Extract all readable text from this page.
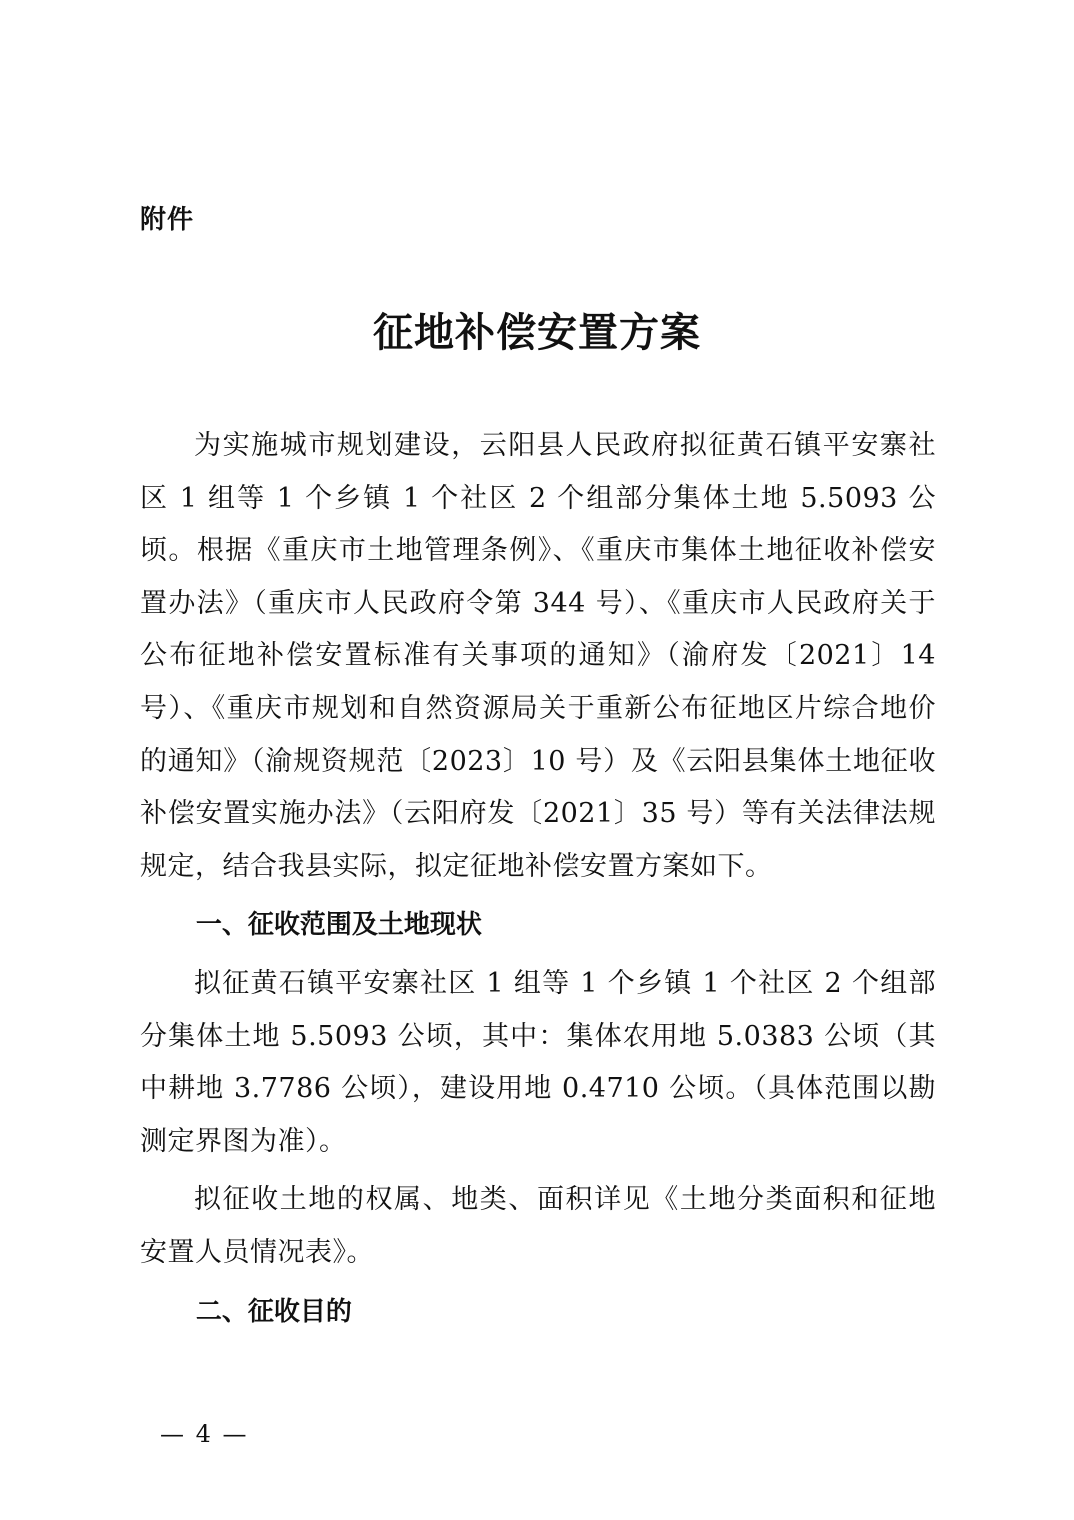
附件
征地补偿安置方案

为实施城市规划建设，云阳县人民政府拟征黄石镇平安寨社区 1 组等 1 个乡镇 1 个社区 2 个组部分集体土地 5.5093 公顷。根据《重庆市土地管理条例》、《重庆市集体土地征收补偿安置办法》（重庆市人民政府令第 344 号）、《重庆市人民政府关于公布征地补偿安置标准有关事项的通知》（渝府发〔2021〕14 号）、《重庆市规划和自然资源局关于重新公布征地区片综合地价的通知》（渝规资规范〔2023〕10 号）及《云阳县集体土地征收补偿安置实施办法》（云阳府发〔2021〕35 号）等有关法律法规规定，结合我县实际，拟定征地补偿安置方案如下。

一、征收范围及土地现状

拟征黄石镇平安寨社区 1 组等 1 个乡镇 1 个社区 2 个组部分集体土地 5.5093 公顷，其中：集体农用地 5.0383 公顷（其中耕地 3.7786 公顷），建设用地 0.4710 公顷。（具体范围以勘测定界图为准）。

拟征收土地的权属、地类、面积详见《土地分类面积和征地安置人员情况表》。

二、征收目的

— 4 —
